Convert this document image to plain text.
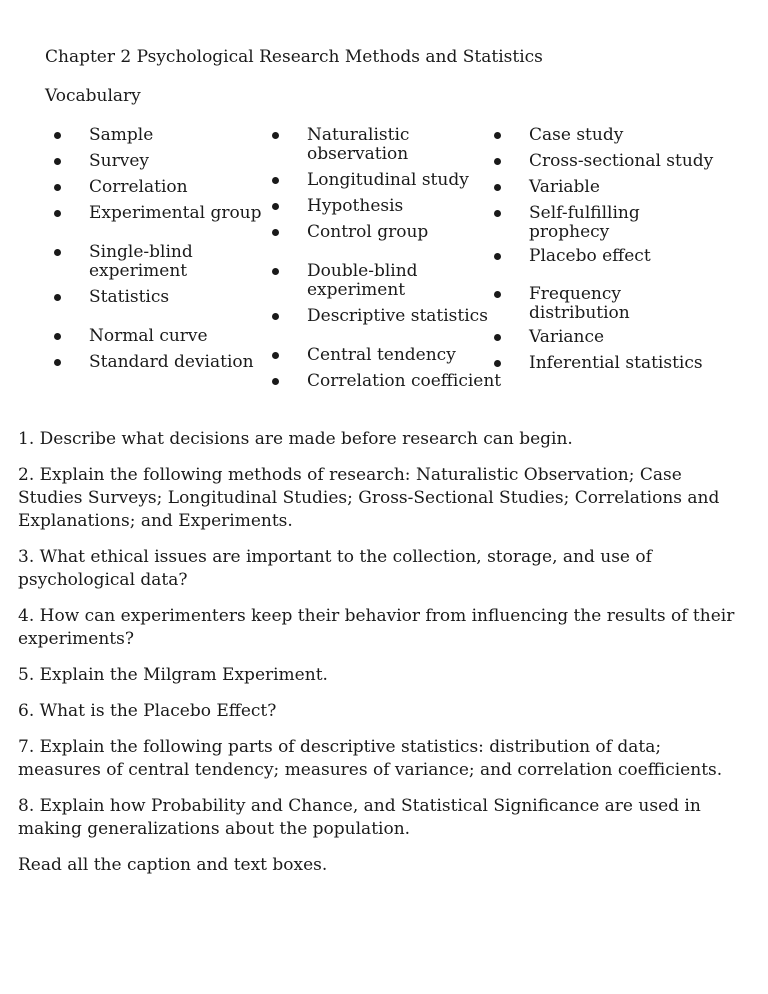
Chapter 2 Psychological Research Methods and Statistics
Vocabulary
Sample
Survey
Correlation
Experimental group
Single-blind experiment
Statistics
Normal curve
Standard deviation
Naturalistic observation
Longitudinal study
Hypothesis
Control group
Double-blind experiment
Descriptive statistics
Central tendency
Correlation coefficient
Case study
Cross-sectional study
Variable
Self-fulfilling prophecy
Placebo effect
Frequency distribution
Variance
Inferential statistics

1. Describe what decisions are made before research can begin.

2. Explain the following methods of research: Naturalistic Observation; Case Studies Surveys; Longitudinal Studies; Gross-Sectional Studies; Correlations and Explanations; and Experiments.

3. What ethical issues are important to the collection, storage, and use of psychological data?

4. How can experimenters keep their behavior from influencing the results of their experiments?

5. Explain the Milgram Experiment.

6. What is the Placebo Effect?

7. Explain the following parts of descriptive statistics: distribution of data; measures of central tendency; measures of variance; and correlation coefficients.

8. Explain how Probability and Chance, and Statistical Significance are used in making generalizations about the population.

Read all the caption and text boxes.
